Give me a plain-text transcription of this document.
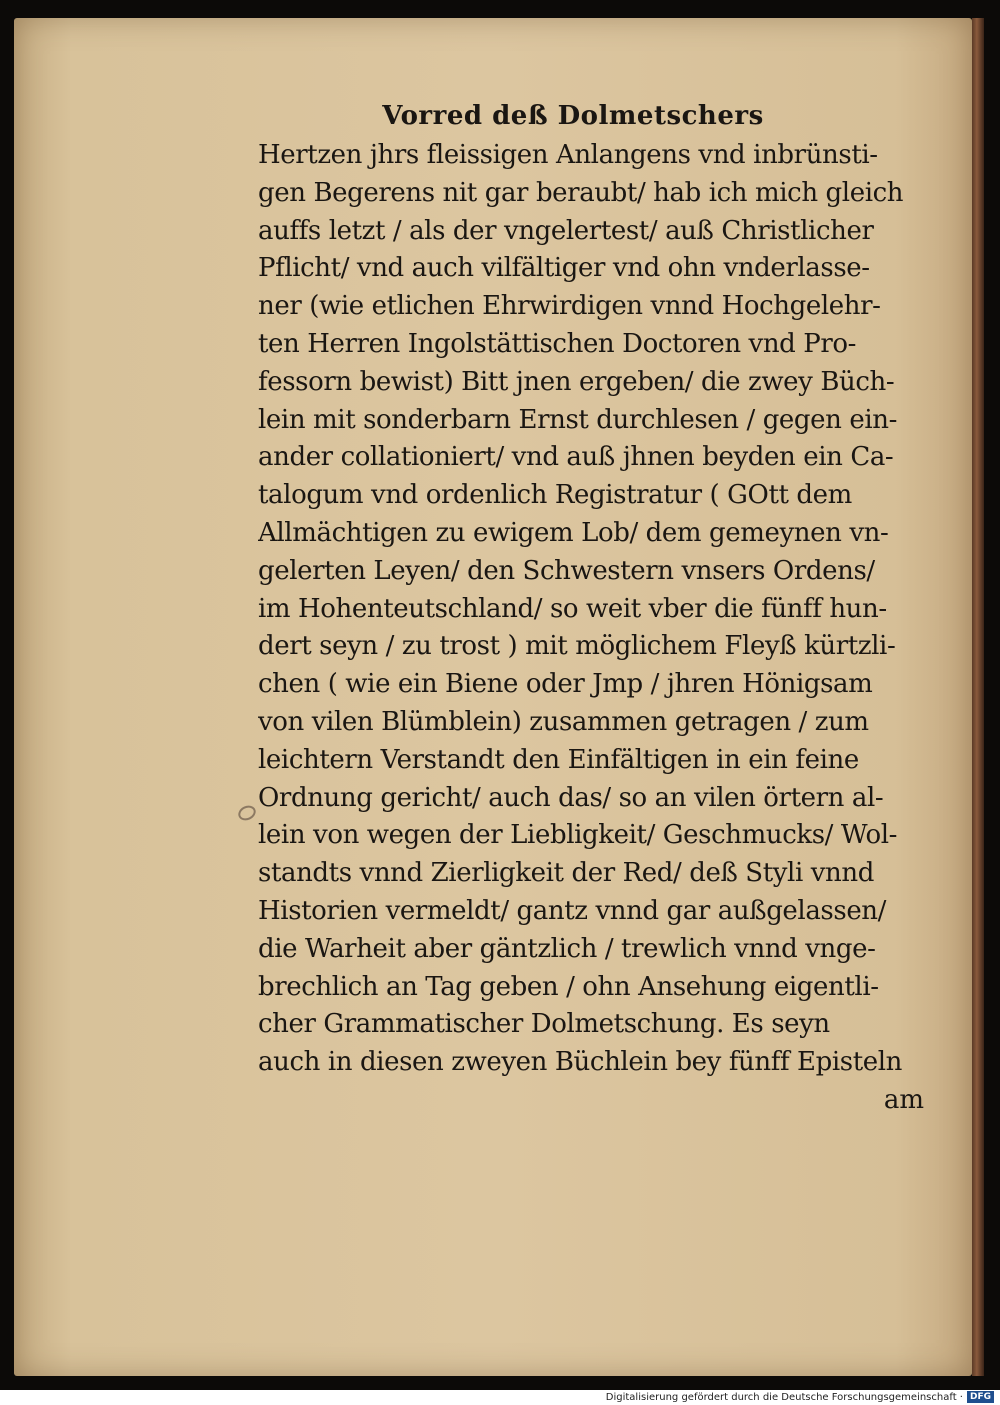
Vorred deß Dolmetschers
Hertzen jhrs fleissigen Anlangens vnd inbrünsti-
gen Begerens nit gar beraubt/ hab ich mich gleich
auffs letzt / als der vngelertest/ auß Christlicher
Pflicht/ vnd auch vilfältiger vnd ohn vnderlasse-
ner (wie etlichen Ehrwirdigen vnnd Hochgelehr-
ten Herren Ingolstättischen Doctoren vnd Pro-
fessorn bewist) Bitt jnen ergeben/ die zwey Büch-
lein mit sonderbarn Ernst durchlesen / gegen ein-
ander collationiert/ vnd auß jhnen beyden ein Ca-
talogum vnd ordenlich Registratur ( GOtt dem
Allmächtigen zu ewigem Lob/ dem gemeynen vn-
gelerten Leyen/ den Schwestern vnsers Ordens/
im Hohenteutschland/ so weit vber die fünff hun-
dert seyn / zu trost ) mit möglichem Fleyß kürtzli-
chen ( wie ein Biene oder Jmp / jhren Hönigsam
von vilen Blümblein) zusammen getragen / zum
leichtern Verstandt den Einfältigen in ein feine
Ordnung gericht/ auch das/ so an vilen örtern al-
lein von wegen der Liebligkeit/ Geschmucks/ Wol-
standts vnnd Zierligkeit der Red/ deß Styli vnnd
Historien vermeldt/ gantz vnnd gar außgelassen/
die Warheit aber gäntzlich / trewlich vnnd vnge-
brechlich an Tag geben / ohn Ansehung eigentli-
cher Grammatischer Dolmetschung. Es seyn
auch in diesen zweyen Büchlein bey fünff Episteln
am
Digitalisierung gefördert durch die Deutsche Forschungsgemeinschaft · DFG
